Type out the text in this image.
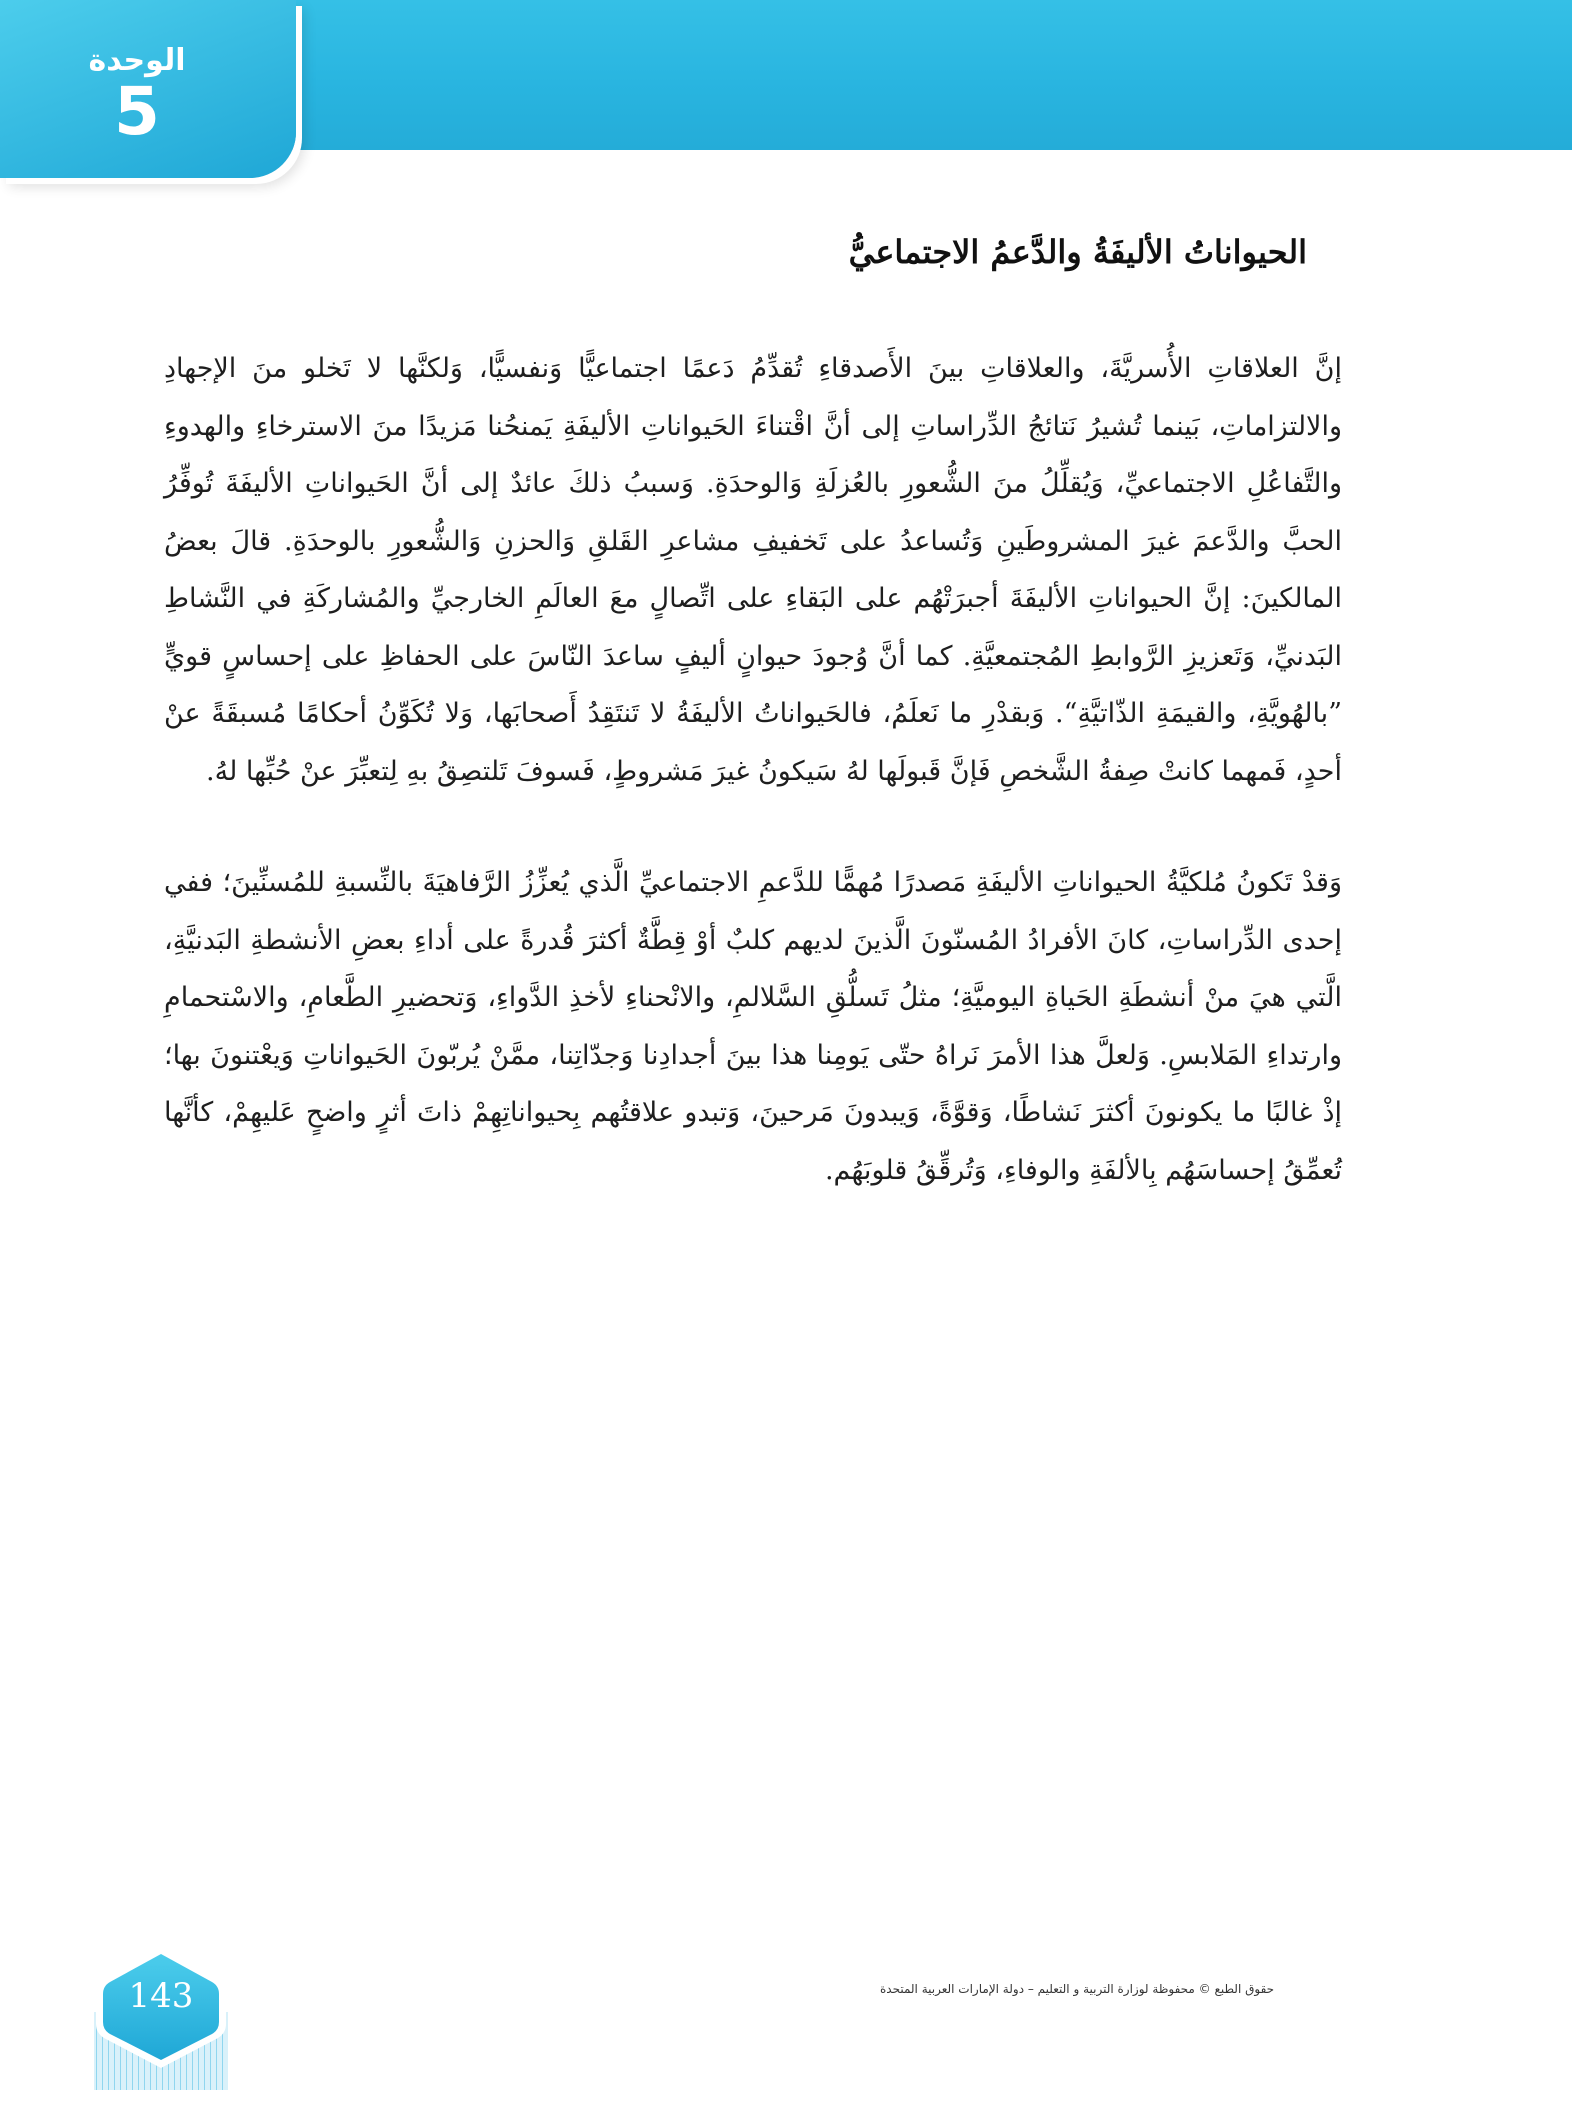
الوحدة
5
الحيواناتُ الأليفَةُ والدَّعمُ الاجتماعيُّ

إنَّ العلاقاتِ الأُسريَّةَ، والعلاقاتِ بينَ الأَصدقاءِ تُقدِّمُ دَعمًا اجتماعيًّا وَنفسيًّا، وَلكنَّها لا تَخلو منَ الإجهادِ والالتزاماتِ، بَينما تُشيرُ نَتائجُ الدِّراساتِ إلى أنَّ اقْتناءَ الحَيواناتِ الأليفَةِ يَمنحُنا مَزيدًا منَ الاسترخاءِ والهدوءِ والتَّفاعُلِ الاجتماعيِّ، وَيُقلِّلُ منَ الشُّعورِ بالعُزلَةِ وَالوحدَةِ. وَسببُ ذلكَ عائدٌ إلى أنَّ الحَيواناتِ الأليفَةَ تُوفِّرُ الحبَّ والدَّعمَ غيرَ المشروطَينِ وَتُساعدُ على تَخفيفِ مشاعرِ القَلقِ وَالحزنِ وَالشُّعورِ بالوحدَةِ. قالَ بعضُ المالكينَ: إنَّ الحيواناتِ الأليفَةَ أجبرَتْهُم على البَقاءِ على اتِّصالٍ معَ العالَمِ الخارجيِّ والمُشاركَةِ في النَّشاطِ البَدنيِّ، وَتَعزيزِ الرَّوابطِ المُجتمعيَّةِ. كما أنَّ وُجودَ حيوانٍ أليفٍ ساعدَ النّاسَ على الحفاظِ على إحساسٍ قويٍّ ”بالهُويَّةِ، والقيمَةِ الذّاتيَّةِ“. وَبقدْرِ ما نَعلَمُ، فالحَيواناتُ الأليفَةُ لا تَنتَقِدُ أَصحابَها، وَلا تُكَوِّنُ أحكامًا مُسبقَةً عنْ أحدٍ، فَمهما كانتْ صِفةُ الشَّخصِ فَإنَّ قَبولَها لهُ سَيكونُ غيرَ مَشروطٍ، فَسوفَ تَلتصِقُ بهِ لِتعبِّرَ عنْ حُبِّها لهُ.

وَقدْ تَكونُ مُلكيَّةُ الحيواناتِ الأليفَةِ مَصدرًا مُهمًّا للدَّعمِ الاجتماعيِّ الَّذي يُعزِّزُ الرَّفاهيَةَ بالنِّسبةِ للمُسنِّينَ؛ ففي إحدى الدِّراساتِ، كانَ الأفرادُ المُسنّونَ الَّذينَ لديهم كلبٌ أوْ قِطَّةٌ أكثرَ قُدرةً على أداءِ بعضِ الأنشطةِ البَدنيَّةِ، الَّتي هيَ منْ أنشطَةِ الحَياةِ اليوميَّةِ؛ مثلُ تَسلُّقِ السَّلالمِ، والانْحناءِ لأخذِ الدَّواءِ، وَتحضيرِ الطَّعامِ، والاسْتحمامِ وارتداءِ المَلابسِ. وَلعلَّ هذا الأمرَ نَراهُ حتّى يَومِنا هذا بينَ أجدادِنا وَجدّاتِنا، ممَّنْ يُربّونَ الحَيواناتِ وَيعْتنونَ بها؛ إذْ غالبًا ما يكونونَ أكثرَ نَشاطًا، وَقوَّةً، وَيبدونَ مَرحينَ، وَتبدو علاقتُهم بِحيواناتِهِمْ ذاتَ أثرٍ واضحٍ عَليهِمْ، كأنَّها تُعمِّقُ إحساسَهُم بِالألفَةِ والوفاءِ، وَتُرقِّقُ قلوبَهُم.

143	حقوق الطبع © محفوظة لوزارة التربية و التعليم – دولة الإمارات العربية المتحدة
